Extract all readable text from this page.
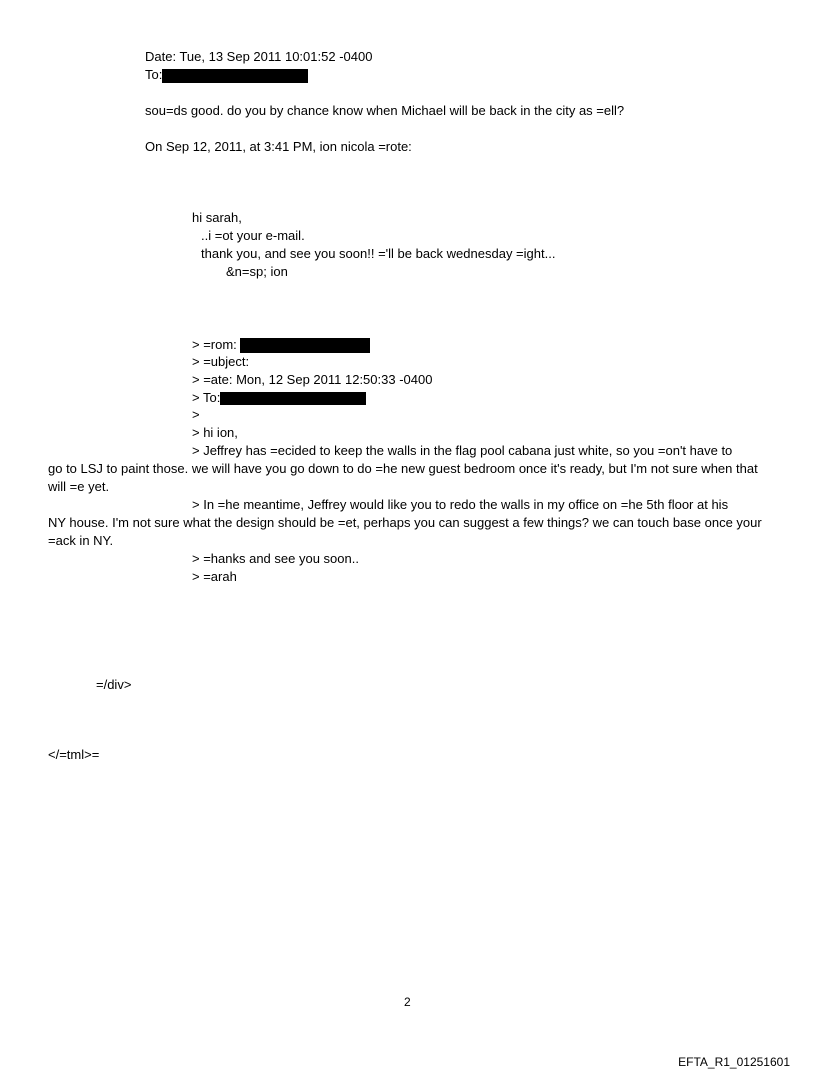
Date: Tue, 13 Sep 2011 10:01:52 -0400
To:
sou=ds good. do you by chance know when Michael will be back in the city as =ell?
On Sep 12, 2011, at 3:41 PM, ion nicola =rote:
hi sarah,
..i =ot your e-mail.
thank you, and see you soon!! ='ll be back wednesday =ight...
&n=sp; ion
> =rom:
> =ubject:
> =ate: Mon, 12 Sep 2011 12:50:33 -0400
> To:
>
> hi ion,
> Jeffrey has =ecided to keep the walls in the flag pool cabana just white, so you =on't have to
go to LSJ to paint those. we will have you go down to do =he new guest bedroom once it's ready, but I'm not sure when that will =e yet.
> In =he meantime, Jeffrey would like you to redo the walls in my office on =he 5th floor at his
NY house. I'm not sure what the design should be =et, perhaps you can suggest a few things? we can touch base once your =ack in NY.
> =hanks and see you soon..
> =arah
=/div>
</=tml>=
2
EFTA_R1_01251601
